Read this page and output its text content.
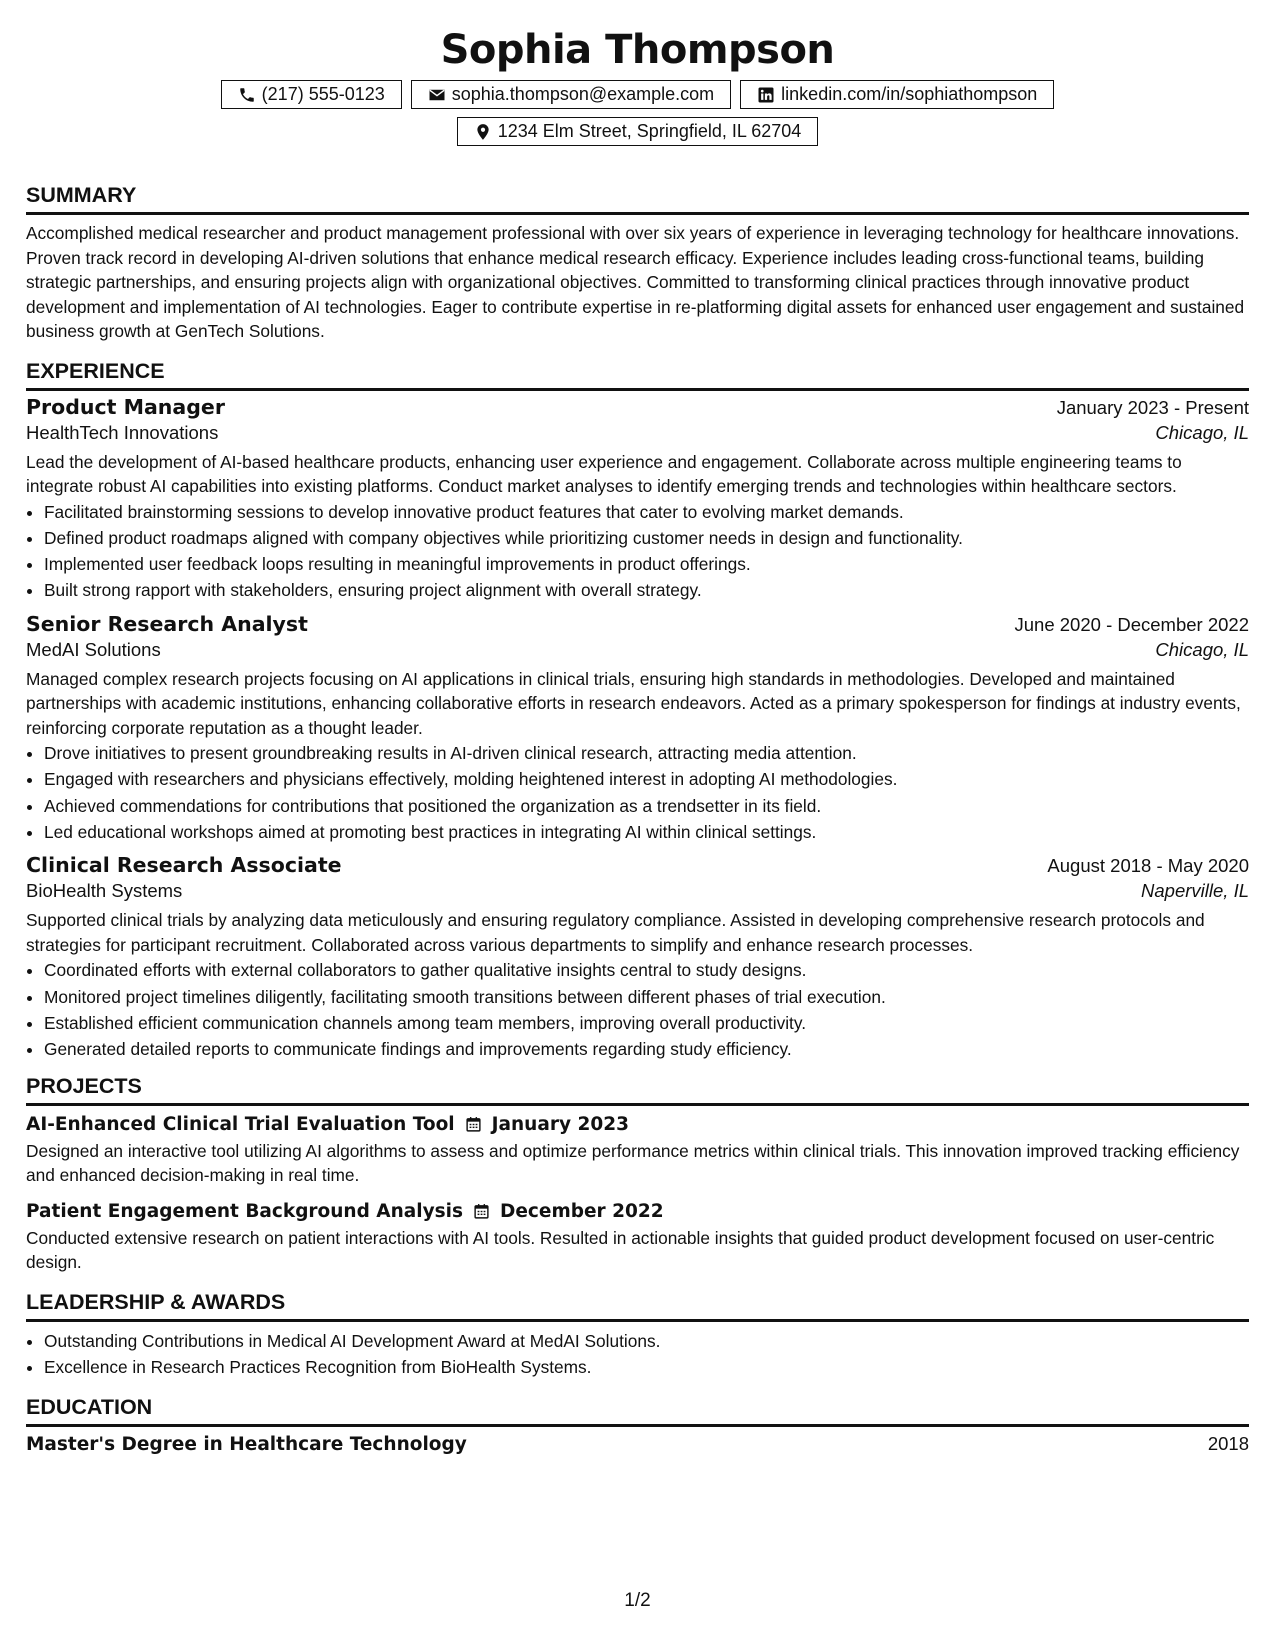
Sophia Thompson
(217) 555-0123	sophia.thompson@example.com	linkedin.com/in/sophiathompson
1234 Elm Street, Springfield, IL 62704
SUMMARY

Accomplished medical researcher and product management professional with over six years of experience in leveraging technology for healthcare innovations. Proven track record in developing AI-driven solutions that enhance medical research efficacy. Experience includes leading cross-functional teams, building strategic partnerships, and ensuring projects align with organizational objectives. Committed to transforming clinical practices through innovative product development and implementation of AI technologies. Eager to contribute expertise in re-platforming digital assets for enhanced user engagement and sustained business growth at GenTech Solutions.

EXPERIENCE
Product Manager	January 2023 - Present
HealthTech Innovations	Chicago, IL

Lead the development of AI-based healthcare products, enhancing user experience and engagement. Collaborate across multiple engineering teams to integrate robust AI capabilities into existing platforms. Conduct market analyses to identify emerging trends and technologies within healthcare sectors.

• Facilitated brainstorming sessions to develop innovative product features that cater to evolving market demands.
• Defined product roadmaps aligned with company objectives while prioritizing customer needs in design and functionality.
• Implemented user feedback loops resulting in meaningful improvements in product offerings.
• Built strong rapport with stakeholders, ensuring project alignment with overall strategy.
Senior Research Analyst	June 2020 - December 2022
MedAI Solutions	Chicago, IL

Managed complex research projects focusing on AI applications in clinical trials, ensuring high standards in methodologies. Developed and maintained partnerships with academic institutions, enhancing collaborative efforts in research endeavors. Acted as a primary spokesperson for findings at industry events, reinforcing corporate reputation as a thought leader.

• Drove initiatives to present groundbreaking results in AI-driven clinical research, attracting media attention.
• Engaged with researchers and physicians effectively, molding heightened interest in adopting AI methodologies.
• Achieved commendations for contributions that positioned the organization as a trendsetter in its field.
• Led educational workshops aimed at promoting best practices in integrating AI within clinical settings.
Clinical Research Associate	August 2018 - May 2020
BioHealth Systems	Naperville, IL

Supported clinical trials by analyzing data meticulously and ensuring regulatory compliance. Assisted in developing comprehensive research protocols and strategies for participant recruitment. Collaborated across various departments to simplify and enhance research processes.

• Coordinated efforts with external collaborators to gather qualitative insights central to study designs.
• Monitored project timelines diligently, facilitating smooth transitions between different phases of trial execution.
• Established efficient communication channels among team members, improving overall productivity.
• Generated detailed reports to communicate findings and improvements regarding study efficiency.
PROJECTS
AI-Enhanced Clinical Trial Evaluation Tool January 2023

Designed an interactive tool utilizing AI algorithms to assess and optimize performance metrics within clinical trials. This innovation improved tracking efficiency and enhanced decision-making in real time.

Patient Engagement Background Analysis December 2022

Conducted extensive research on patient interactions with AI tools. Resulted in actionable insights that guided product development focused on user-centric design.

LEADERSHIP & AWARDS
• Outstanding Contributions in Medical AI Development Award at MedAI Solutions.
• Excellence in Research Practices Recognition from BioHealth Systems.
EDUCATION
Master's Degree in Healthcare Technology	2018
1/2
